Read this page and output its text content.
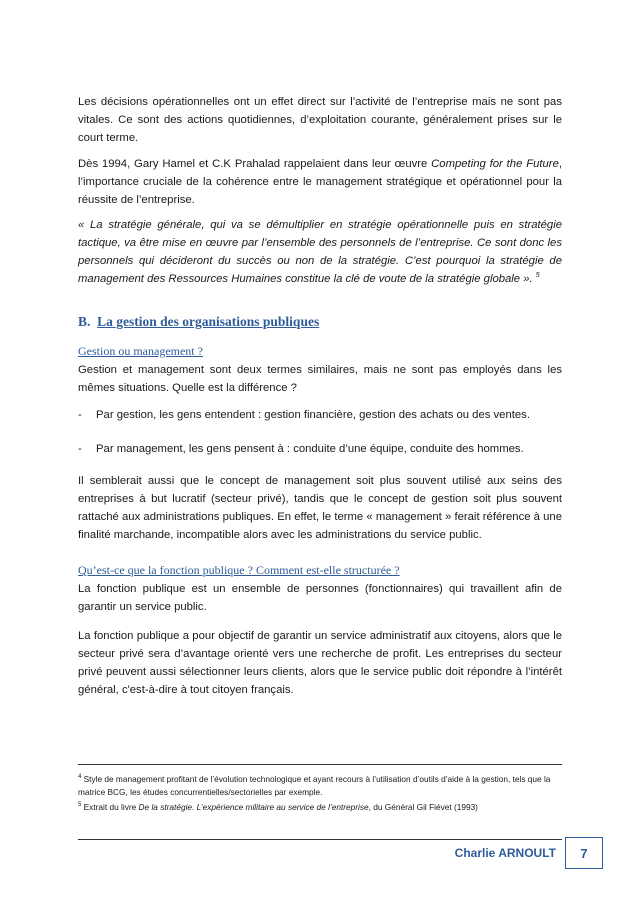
Les décisions opérationnelles ont un effet direct sur l’activité de l’entreprise mais ne sont pas vitales. Ce sont des actions quotidiennes, d’exploitation courante, généralement prises sur le court terme.

Dès 1994, Gary Hamel et C.K Prahalad rappelaient dans leur œuvre Competing for the Future, l’importance cruciale de la cohérence entre le management stratégique et opérationnel pour la réussite de l’entreprise.

« La stratégie générale, qui va se démultiplier en stratégie opérationnelle puis en stratégie tactique, va être mise en œuvre par l’ensemble des personnels de l’entreprise. Ce sont donc les personnels qui décideront du succès ou non de la stratégie. C’est pourquoi la stratégie de management des Ressources Humaines constitue la clé de voute de la stratégie globale ». $^5$

B. La gestion des organisations publiques
Gestion ou management ?

Gestion et management sont deux termes similaires, mais ne sont pas employés dans les mêmes situations. Quelle est la différence ?

-	Par gestion, les gens entendent : gestion financière, gestion des achats ou des ventes.
-	Par management, les gens pensent à : conduite d’une équipe, conduite des hommes.

Il semblerait aussi que le concept de management soit plus souvent utilisé aux seins des entreprises à but lucratif (secteur privé), tandis que le concept de gestion soit plus souvent rattaché aux administrations publiques. En effet, le terme « management » ferait référence à une finalité marchande, incompatible alors avec les administrations du service public.

Qu’est-ce que la fonction publique ? Comment est-elle structurée ?

La fonction publique est un ensemble de personnes (fonctionnaires) qui travaillent afin de garantir un service public.

La fonction publique a pour objectif de garantir un service administratif aux citoyens, alors que le secteur privé sera d’avantage orienté vers une recherche de profit. Les entreprises du secteur privé peuvent aussi sélectionner leurs clients, alors que le service public doit répondre à l’intérêt général, c'est-à-dire à tout citoyen français.

$^4$ Style de management profitant de l’évolution technologique et ayant recours à l’utilisation d’outils d’aide à la gestion, tels que la matrice BCG, les études concurrentielles/sectorielles par exemple.
$^5$ Extrait du livre De la stratégie. L’expérience militaire au service de l’entreprise, du Général Gil Fiévet (1993)
Charlie ARNOULT	7
